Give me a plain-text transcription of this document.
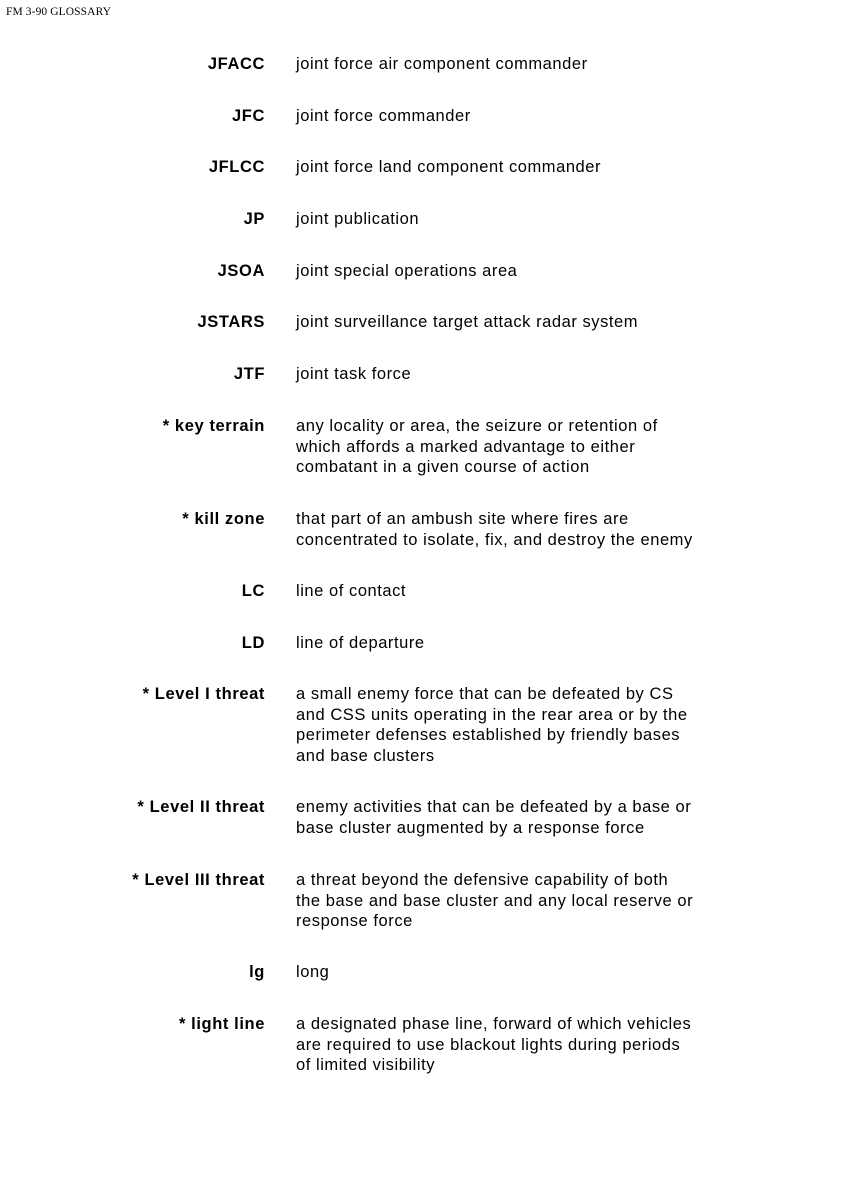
FM 3-90 GLOSSARY
JFACC joint force air component commander
JFC joint force commander
JFLCC joint force land component commander
JP joint publication
JSOA joint special operations area
JSTARS joint surveillance target attack radar system
JTF joint task force
* key terrain any locality or area, the seizure or retention of
which affords a marked advantage to either
combatant in a given course of action
* kill zone that part of an ambush site where fires are
concentrated to isolate, fix, and destroy the enemy
LC line of contact
LD line of departure
* Level I threat a small enemy force that can be defeated by CS
and CSS units operating in the rear area or by the
perimeter defenses established by friendly bases
and base clusters
* Level II threat enemy activities that can be defeated by a base or
base cluster augmented by a response force
* Level III threat a threat beyond the defensive capability of both
the base and base cluster and any local reserve or
response force
lg long
* light line a designated phase line, forward of which vehicles
are required to use blackout lights during periods
of limited visibility
